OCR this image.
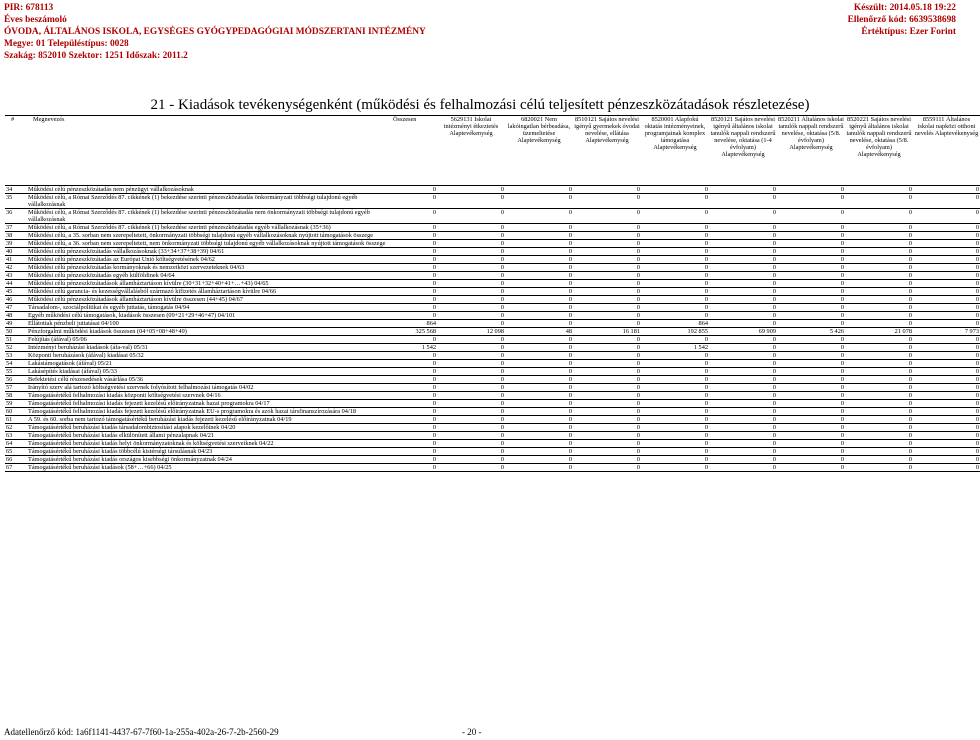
PIR: 678113
Éves beszámoló
ÓVODA, ÁLTALÁNOS ISKOLA, EGYSÉGES GYÓGYPEDAGÓGIAI MÓDSZERTANI INTÉZMÉNY
Megye: 01 Településtípus: 0028
Szakág: 852010 Szektor: 1251 Időszak: 2011.2
Készült: 2014.05.18 19:22
Ellenőrző kód: 6639538698
Értéktípus: Ezer Forint
21 - Kiadások tevékenységenként (működési és felhalmozási célú teljesített pénzeszközátadások részletezése)
#	Megnevezés	Összesen	5629131 Iskolai intézményi étkeztetés Alaptevékenység	6820021 Nem lakóingatlan bérbeadása, üzemeltetése Alaptevékenység	8510121 Sajátos nevelési igényű gyermekek óvodai nevelése, ellátása Alaptevékenység	8520001 Alapfokú oktatás intézményeinek, programjainak komplex támogatása Alaptevékenység	8520121 Sajátos nevelési igényű általános iskolai tanulók nappali rendszerű nevelése, oktatása (1-4 évfolyam) Alaptevékenység	8520211 Általános iskolai tanulók nappali rendszerű nevelése, oktatása (5/8. évfolyam) Alaptevékenység	8520221 Sajátos nevelési igényű általános iskolai tanulók nappali rendszerű nevelése, oktatása (5/8. évfolyam) Alaptevékenység	8559111 Általános iskolai napközi otthoni nevelés Alaptevékenység
34	Működési célú pénzeszközátadás nem pénzügyi vállalkozásoknak	0	0	0	0	0	0	0	0	0
35	Működési célú, a Római Szerződés 87. cikkének (1) bekezdése szerinti pénzeszközátadás önkormányzati többségi tulajdonú egyéb vállalkozásnak	0	0	0	0	0	0	0	0	0
36	Működési célú, a Római Szerződés 87. cikkének (1) bekezdése szerinti pénzeszközátadás nem önkormányzati többségi tulajdonú egyéb vállalkozásnak	0	0	0	0	0	0	0	0	0
37	Működési célú, a Római Szerződés 87. cikkének (1) bekezdése szerinti pénzeszközátadás egyéb vállalkozásnak (35+36)	0	0	0	0	0	0	0	0	0
38	Működési célú, a 35. sorban nem szerepeltetett, önkormányzati többségi tulajdonú egyéb vállalkozásoknak nyújtott támogatások összege	0	0	0	0	0	0	0	0	0
39	Működési célú, a 36. sorban nem szerepeltetett, nem önkormányzati többségi tulajdonú egyéb vállalkozásoknak nyújtott támogatások összege	0	0	0	0	0	0	0	0	0
40	Működési célú pénzeszközátadás vállalkozásoknak (33+34+37+38+39) 04/61	0	0	0	0	0	0	0	0	0
41	Működési célú pénzeszközátadás az Európai Unió költségvetésének 04/62	0	0	0	0	0	0	0	0	0
42	Működési célú pénzeszközátadás kormányoknak és nemzetközi szervezeteknek 04/63	0	0	0	0	0	0	0	0	0
43	Működési célú pénzeszközátadás egyéb külföldinek 04/64	0	0	0	0	0	0	0	0	0
44	Működési célú pénzeszközátadások államháztartáson kívülre (30+31+32+40+41+…+43) 04/65	0	0	0	0	0	0	0	0	0
45	Működési célú garancia- és kezességvállalásból származó kifizetés államháztartáson kívülre 04/66	0	0	0	0	0	0	0	0	0
46	Működési célú pénzeszközátadások államháztartáson kívülre összesen (44+45) 04/67	0	0	0	0	0	0	0	0	0
47	Társadalom-, szociálpolitikai és egyéb juttatás, támogatás 04/94	0	0	0	0	0	0	0	0	0
48	Egyéb működési célú támogatások, kiadások összesen (09+21+29+46+47) 04/101	0	0	0	0	0	0	0	0	0
49	Ellátottak pénzbeli juttatásai 04/100	864	0	0	0	864	0	0	0	0
50	Pénzforgalmi működési kiadások összesen (04+05+08+48+49)	325 568	12 098	48	16 181	192 855	69 909	5 426	21 078	7 973
51	Felújítás (áfával) 05/06	0	0	0	0	0	0	0	0	0
52	Intézményi beruházási kiadások (áfa-val) 05/31	1 542	0	0	0	1 542	0	0	0	0
53	Központi beruházások (áfával) kiadásai 05/32	0	0	0	0	0	0	0	0	0
54	Lakástámogatások (áfával) 05/21	0	0	0	0	0	0	0	0	0
55	Lakásépítés kiadásai (áfával) 05/33	0	0	0	0	0	0	0	0	0
56	Befektetési célú részesedések vásárlása 05/36	0	0	0	0	0	0	0	0	0
57	Irányító szerv alá tartozó költségvetési szervnek folyósított felhalmozási támogatás 04/02	0	0	0	0	0	0	0	0	0
58	Támogatásértékű felhalmozási kiadás központi költségvetési szervnek 04/16	0	0	0	0	0	0	0	0	0
59	Támogatásértékű felhalmozási kiadás fejezeti kezelésű előirányzatnak hazai programokra 04/17	0	0	0	0	0	0	0	0	0
60	Támogatásértékű felhalmozási kiadás fejezeti kezelésű előirányzatnak EU-s programokra és azok hazai társfinanszírozására 04/18	0	0	0	0	0	0	0	0	0
61	A 59. és 60. sorba nem tartozó támogatásértékű beruházási kiadás fejezeti kezelésű előirányzatnak 04/19	0	0	0	0	0	0	0	0	0
62	Támogatásértékű beruházási kiadás társadalombiztosítási alapok kezelőinek 04/20	0	0	0	0	0	0	0	0	0
63	Támogatásértékű beruházási kiadás elkülönített állami pénzalapnak 04/21	0	0	0	0	0	0	0	0	0
64	Támogatásértékű beruházási kiadás helyi önkormányzatoknak és költségvetési szerveiknek 04/22	0	0	0	0	0	0	0	0	0
65	Támogatásértékű beruházási kiadás többcélú kistérségi társulásnak 04/23	0	0	0	0	0	0	0	0	0
66	Támogatásértékű beruházási kiadás országos kisebbségi önkormányzatnak 04/24	0	0	0	0	0	0	0	0	0
67	Támogatásértékű beruházási kiadások (58+…+66) 04/25	0	0	0	0	0	0	0	0	0
Adatellenőrző kód: 1a6f1141-4437-67-7f60-1a-255a-402a-26-7-2b-2560-29	- 20 -
